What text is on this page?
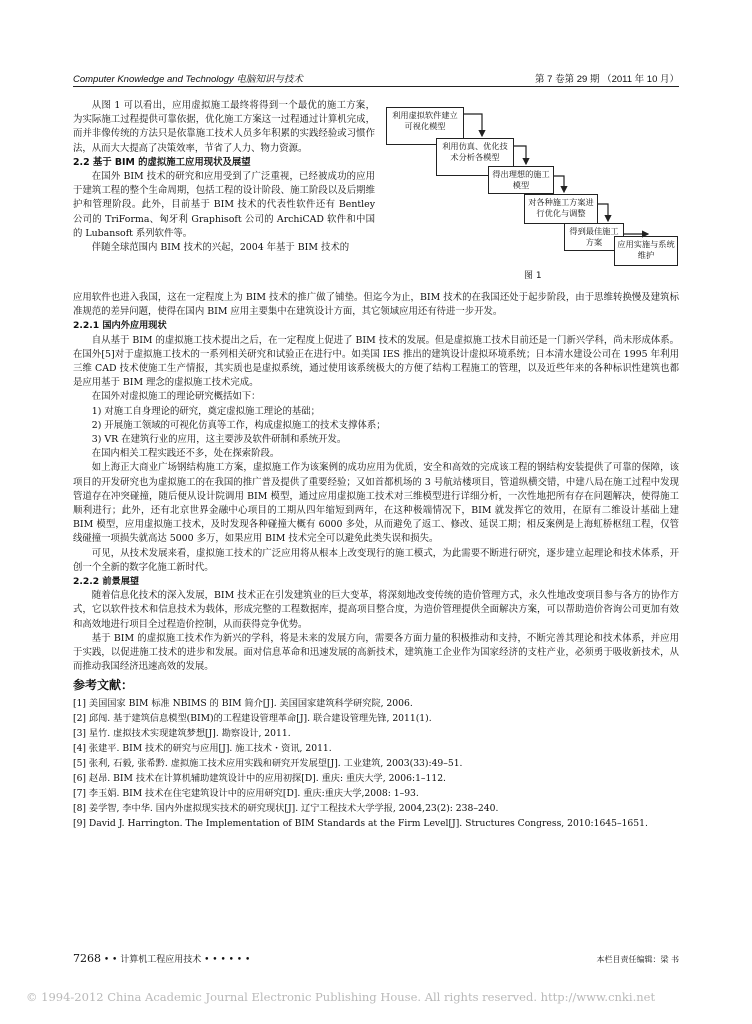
Computer Knowledge and Technology 电脑知识与技术	第 7 卷第 29 期 （2011 年 10 月）

从图 1 可以看出，应用虚拟施工最终将得到一个最优的施工方案，为实际施工过程提供可靠依据，优化施工方案这一过程通过计算机完成，而并非像传统的方法只是依靠施工技术人员多年积累的实践经验或习惯作法，从而大大提高了决策效率，节省了人力、物力资源。

2.2 基于 BIM 的虚拟施工应用现状及展望

在国外 BIM 技术的研究和应用受到了广泛重视，已经被成功的应用于建筑工程的整个生命周期，包括工程的设计阶段、施工阶段以及后期维护和管理阶段。此外，目前基于 BIM 技术的代表性软件还有 Bentley 公司的 TriForma、匈牙利 Graphisoft 公司的 ArchiCAD 软件和中国的 Lubansoft 系列软件等。

伴随全球范围内 BIM 技术的兴起，2004 年基于 BIM 技术的

利用虚拟软件建立可视化模型
利用仿真、优化技术分析各模型
得出理想的施工模型
对各种施工方案进行优化与调整
得到最佳施工方案	应用实施与系统维护
图 1

应用软件也进入我国，这在一定程度上为 BIM 技术的推广做了铺垫。但迄今为止，BIM 技术的在我国还处于起步阶段，由于思维转换慢及建筑标准规范的差异问题，使得在国内 BIM 应用主要集中在建筑设计方面，其它领域应用还有待进一步开发。

2.2.1 国内外应用现状

自从基于 BIM 的虚拟施工技术提出之后，在一定程度上促进了 BIM 技术的发展。但是虚拟施工技术目前还是一门新兴学科，尚未形成体系。在国外[5]对于虚拟施工技术的一系列相关研究和试验正在进行中。如美国 IES 推出的建筑设计虚拟环境系统；日本清水建设公司在 1995 年利用三维 CAD 技术使施工生产情报，其实质也是虚拟系统，通过使用该系统极大的方便了结构工程施工的管理，以及近些年来的各种标识性建筑也都是应用基于 BIM 理念的虚拟施工技术完成。

在国外对虚拟施工的理论研究概括如下：

1) 对施工自身理论的研究，奠定虚拟施工理论的基础；

2) 开展施工领域的可视化仿真等工作，构成虚拟施工的技术支撑体系；

3) VR 在建筑行业的应用，这主要涉及软件研制和系统开发。

在国内相关工程实践还不多，处在探索阶段。

如上海正大商业广场钢结构施工方案，虚拟施工作为该案例的成功应用为优质，安全和高效的完成该工程的钢结构安装提供了可靠的保障，该项目的开发研究也为虚拟施工的在我国的推广普及提供了重要经验；又如首都机场的 3 号航站楼项目，管道纵横交错，中建八局在施工过程中发现管道存在冲突碰撞，随后便从设计院调用 BIM 模型，通过应用虚拟施工技术对三维模型进行详细分析，一次性地把所有存在问题解决，使得施工顺利进行；此外，还有北京世界金融中心项目的工期从四年缩短到两年，在这种极端情况下，BIM 就发挥它的效用，在原有二维设计基础上建 BIM 模型，应用虚拟施工技术，及时发现各种碰撞大概有 6000 多处，从而避免了返工、修改、延误工期；相反案例是上海虹桥枢纽工程，仅管线碰撞一项损失就高达 5000 多万，如果应用 BIM 技术完全可以避免此类失误和损失。

可见，从技术发展来看，虚拟施工技术的广泛应用将从根本上改变现行的施工模式，为此需要不断进行研究，逐步建立起理论和技术体系，开创一个全新的数字化施工新时代。

2.2.2 前景展望

随着信息化技术的深入发展，BIM 技术正在引发建筑业的巨大变革，将深刻地改变传统的造价管理方式，永久性地改变项目参与各方的协作方式，它以软件技术和信息技术为载体，形成完整的工程数据库，提高项目整合度，为造价管理提供全面解决方案，可以帮助造价咨询公司更加有效和高效地进行项目全过程造价控制，从而获得竞争优势。

基于 BIM 的虚拟施工技术作为新兴的学科，将是未来的发展方向，需要各方面力量的积极推动和支持，不断完善其理论和技术体系，并应用于实践，以促进施工技术的进步和发展。面对信息革命和迅速发展的高新技术，建筑施工企业作为国家经济的支柱产业，必须勇于吸收新技术，从而推动我国经济迅速高效的发展。

参考文献：

[1] 美国国家 BIM 标准 NBIMS 的 BIM 简介[J]. 美国国家建筑科学研究院, 2006.

[2] 邱闯. 基于建筑信息模型(BIM)的工程建设管理革命[J]. 联合建设管理先锋, 2011(1).

[3] 星竹. 虚拟技术实现建筑梦想[J]. 勘察设计, 2011.

[4] 张建平. BIM 技术的研究与应用[J]. 施工技术・资讯, 2011.

[5] 张利, 石毅, 张希黔. 虚拟施工技术应用实践和研究开发展望[J]. 工业建筑, 2003(33):49–51.

[6] 赵昂. BIM 技术在计算机辅助建筑设计中的应用初探[D]. 重庆: 重庆大学, 2006:1–112.

[7] 李玉娟. BIM 技术在住宅建筑设计中的应用研究[D]. 重庆:重庆大学,2008: 1–93.

[8] 姜学智, 李中华. 国内外虚拟现实技术的研究现状[J]. 辽宁工程技术大学学报, 2004,23(2): 238–240.

[9] David J. Harrington. The Implementation of BIM Standards at the Firm Level[J]. Structures Congress, 2010:1645–1651.

7268 • • 计算机工程应用技术 • • • • • •	本栏目责任编辑：梁 书
© 1994-2012 China Academic Journal Electronic Publishing House. All rights reserved. http://www.cnki.net
